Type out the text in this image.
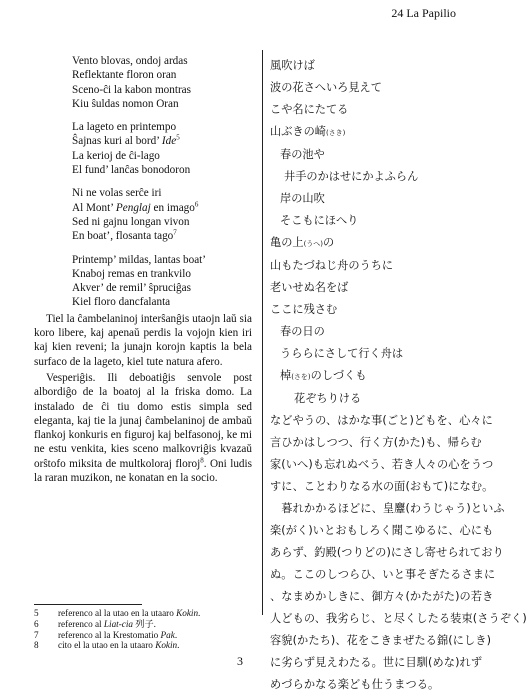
24 La Papilio
Vento blovas, ondoj ardas
Reflektante floron oran
Sceno-ĉi la kabon montras
Kiu ŝuldas nomon Oran
La lageto en printempo
Ŝajnas kuri al bord’ Ide$^5$
La kerioj de ĉi-lago
El fund’ lanĉas bonodoron
Ni ne volas serĉe iri
Al Mont’ Penglaj en imago$^6$
Sed ni gajnu longan vivon
En boat’, flosanta tago$^7$
Printemp’ mildas, lantas boat’
Knaboj remas en trankvilo
Akver’ de remil’ ŝpruciĝas
Kiel floro dancfalanta

Tiel la ĉambelaninoj interŝanĝis utaojn laŭ sia koro libere, kaj apenaŭ perdis la vojojn kien iri kaj kien reveni; la junajn korojn kaptis la bela surfaco de la lageto, kiel tute natura afero.

Vesperiĝis. Ili deboatiĝis senvole post albordiĝo de la boatoj al la friska domo. La instalado de ĉi tiu domo estis simpla sed eleganta, kaj tie la junaj ĉambelaninoj de ambaŭ flankoj konkuris en figuroj kaj belfasonoj, ke mi ne estu venkita, kies sceno malkovriĝis kvazaŭ orŝtofo miksita de multkoloraj floroj$^8$. Oni ludis la raran muzikon, ne konatan en la socio.

風吹けば
波の花さへいろ見えて
こや名にたてる
山ぶきの崎(さき)
春の池や
井手のかはせにかよふらん
岸の山吹
そこもにほへり
亀の上(うへ)の
山もたづねじ舟のうちに
老いせぬ名をば
ここに残さむ
春の日の
うららにさして行く舟は
棹(さを)のしづくも
花ぞちりける
などやうの、はかな事(ごと)どもを、心々に
言ひかはしつつ、行く方(かた)も、帰らむ
家(いへ)も忘れぬべう、若き人々の心をうつ
すに、ことわりなる水の面(おもて)になむ。
　暮れかかるほどに、皇麞(わうじゃう)といふ
楽(がく)いとおもしろく聞こゆるに、心にも
あらず、釣殿(つりどの)にさし寄せられており
ぬ。ここのしつらひ、いと事そぎたるさまに
、なまめかしきに、御方々(かたがた)の若き
人どもの、我劣らじ、と尽くしたる装束(さうぞく)
容貌(かたち)、花をこきまぜたる錦(にしき)
に劣らず見えわたる。世に目馴(めな)れず
めづらかなる楽ども仕うまつる。
5 referenco al la utao en la utaaro Kokin.
6 referenco al Liat-cia 列子.
7 referenco al la Krestomatio Pak.
8 cito el la utao en la utaaro Kokin.
3
